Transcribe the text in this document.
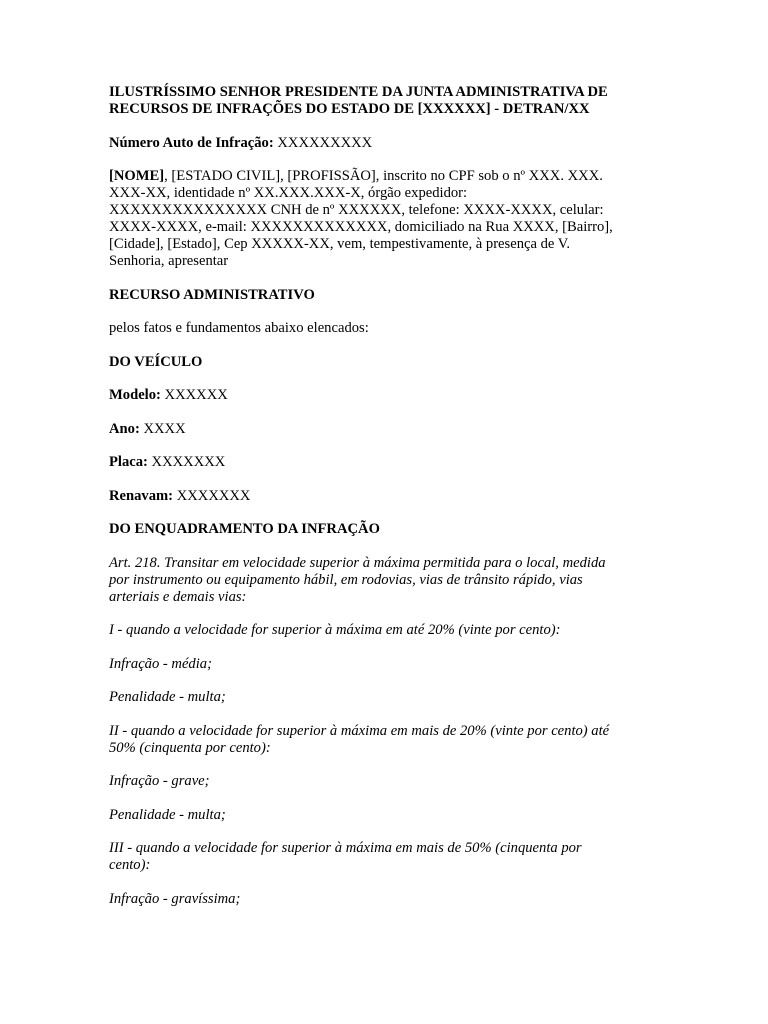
ILUSTRÍSSIMO SENHOR PRESIDENTE DA JUNTA ADMINISTRATIVA DE
RECURSOS DE INFRAÇÕES DO ESTADO DE [XXXXXX] - DETRAN/XX
Número Auto de Infração: XXXXXXXXX
[NOME], [ESTADO CIVIL], [PROFISSÃO], inscrito no CPF sob o nº XXX. XXX.
XXX-XX, identidade nº XX.XXX.XXX-X, órgão expedidor:
XXXXXXXXXXXXXXX CNH de nº XXXXXX, telefone: XXXX-XXXX, celular:
XXXX-XXXX, e-mail: XXXXXXXXXXXXX, domiciliado na Rua XXXX, [Bairro],
[Cidade], [Estado], Cep XXXXX-XX, vem, tempestivamente, à presença de V.
Senhoria, apresentar
RECURSO ADMINISTRATIVO
pelos fatos e fundamentos abaixo elencados:
DO VEÍCULO
Modelo: XXXXXX
Ano: XXXX
Placa: XXXXXXX
Renavam: XXXXXXX
DO ENQUADRAMENTO DA INFRAÇÃO
Art. 218. Transitar em velocidade superior à máxima permitida para o local, medida
por instrumento ou equipamento hábil, em rodovias, vias de trânsito rápido, vias
arteriais e demais vias:
I - quando a velocidade for superior à máxima em até 20% (vinte por cento):
Infração - média;
Penalidade - multa;
II - quando a velocidade for superior à máxima em mais de 20% (vinte por cento) até
50% (cinquenta por cento):
Infração - grave;
Penalidade - multa;
III - quando a velocidade for superior à máxima em mais de 50% (cinquenta por
cento):
Infração - gravíssima;
